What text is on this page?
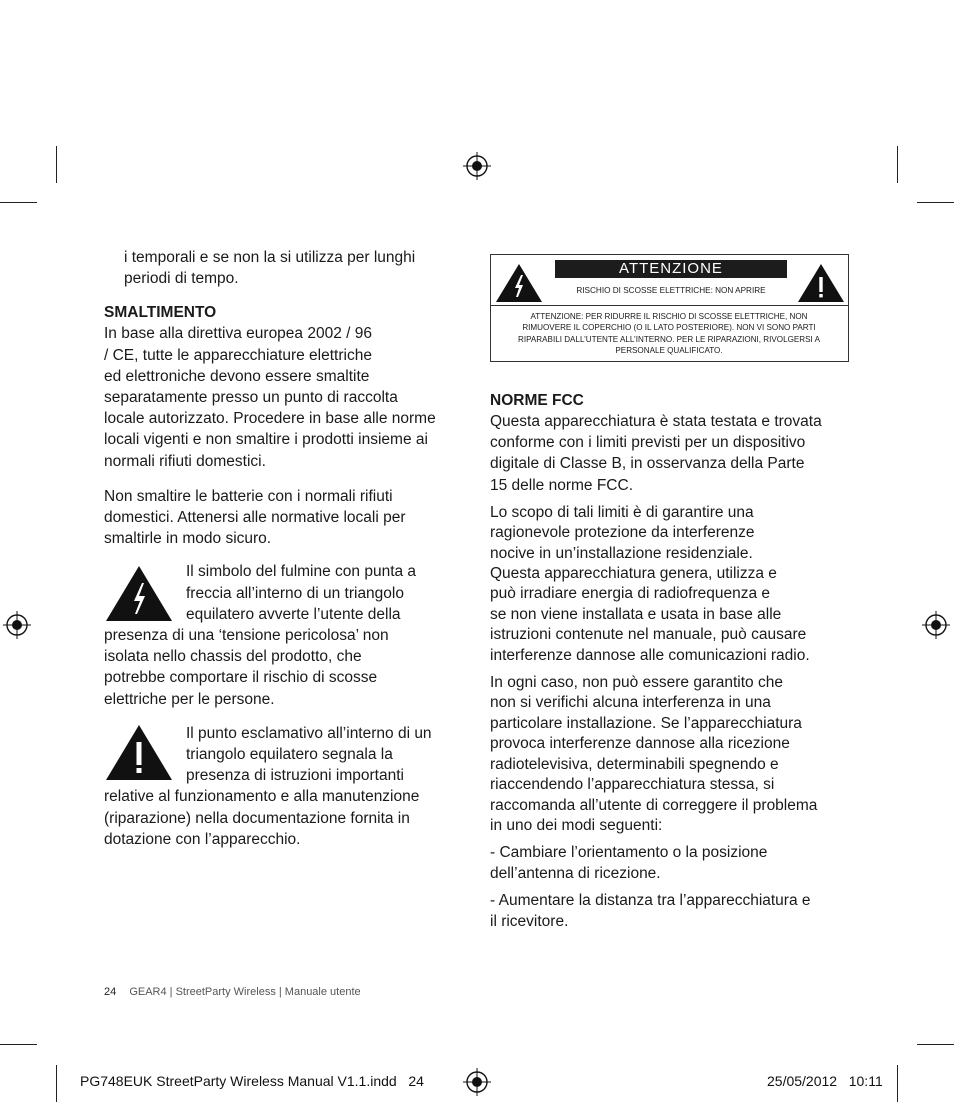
i temporali e se non la si utilizza per lunghi
periodi di tempo.

SMALTIMENTO

In base alla direttiva europea 2002 / 96
/ CE, tutte le apparecchiature elettriche
ed elettroniche devono essere smaltite
separatamente presso un punto di raccolta
locale autorizzato. Procedere in base alle norme
locali vigenti e non smaltire i prodotti insieme ai
normali rifiuti domestici.

Non smaltire le batterie con i normali rifiuti
domestici. Attenersi alle normative locali per
smaltirle in modo sicuro.

Il simbolo del fulmine con punta a
freccia all’interno di un triangolo
equilatero avverte l’utente della

presenza di una ‘tensione pericolosa’ non
isolata nello chassis del prodotto, che
potrebbe comportare il rischio di scosse
elettriche per le persone.

Il punto esclamativo all’interno di un
triangolo equilatero segnala la
presenza di istruzioni importanti

relative al funzionamento e alla manutenzione
(riparazione) nella documentazione fornita in
dotazione con l’apparecchio.

ATTENZIONE
RISCHIO DI SCOSSE ELETTRICHE: NON APRIRE
ATTENZIONE: PER RIDURRE IL RISCHIO DI SCOSSE ELETTRICHE, NON
RIMUOVERE IL COPERCHIO (O IL LATO POSTERIORE). NON VI SONO PARTI
RIPARABILI DALL’UTENTE ALL’INTERNO. PER LE RIPARAZIONI, RIVOLGERSI A
PERSONALE QUALIFICATO.
NORME FCC

Questa apparecchiatura è stata testata e trovata
conforme con i limiti previsti per un dispositivo
digitale di Classe B, in osservanza della Parte
15 delle norme FCC.

Lo scopo di tali limiti è di garantire una
ragionevole protezione da interferenze
nocive in un’installazione residenziale.
Questa apparecchiatura genera, utilizza e
può irradiare energia di radiofrequenza e
se non viene installata e usata in base alle
istruzioni contenute nel manuale, può causare
interferenze dannose alle comunicazioni radio.

In ogni caso, non può essere garantito che
non si verifichi alcuna interferenza in una
particolare installazione. Se l’apparecchiatura
provoca interferenze dannose alla ricezione
radiotelevisiva, determinabili spegnendo e
riaccendendo l’apparecchiatura stessa, si
raccomanda all’utente di correggere il problema
in uno dei modi seguenti:

- Cambiare l’orientamento o la posizione
dell’antenna di ricezione.

- Aumentare la distanza tra l’apparecchiatura e
il ricevitore.

24 GEAR4 | StreetParty Wireless | Manuale utente
PG748EUK StreetParty Wireless Manual V1.1.indd   24	25/05/2012   10:11
